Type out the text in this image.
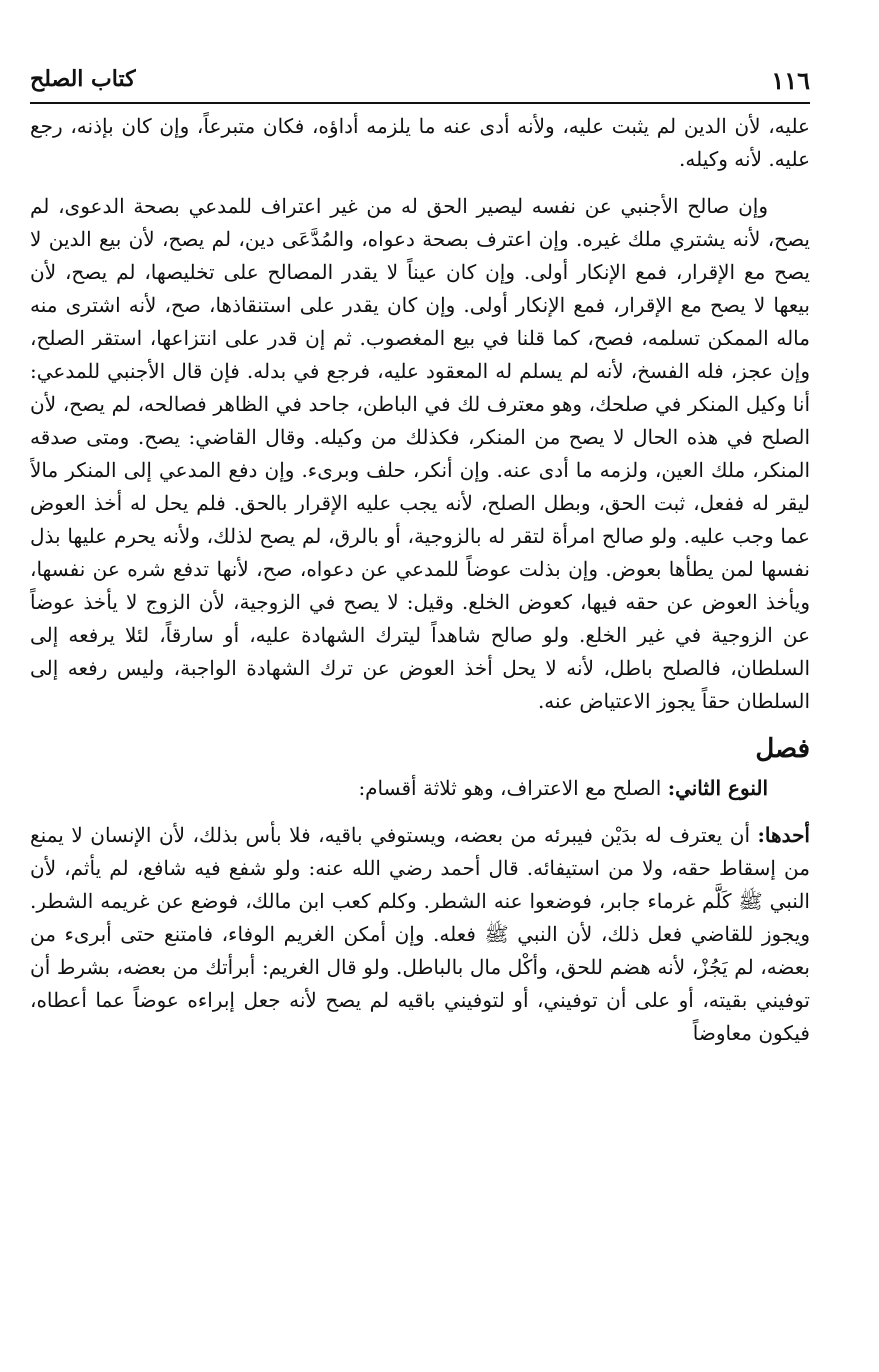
١١٦
كتاب الصلح

عليه، لأن الدين لم يثبت عليه، ولأنه أدى عنه ما يلزمه أداؤه، فكان متبرعاً، وإن كان بإذنه، رجع عليه. لأنه وكيله.

وإن صالح الأجنبي عن نفسه ليصير الحق له من غير اعتراف للمدعي بصحة الدعوى، لم يصح، لأنه يشتري ملك غيره. وإن اعترف بصحة دعواه، والمُدَّعَى دين، لم يصح، لأن بيع الدين لا يصح مع الإقرار، فمع الإنكار أولى. وإن كان عيناً لا يقدر المصالح على تخليصها، لم يصح، لأن بيعها لا يصح مع الإقرار، فمع الإنكار أولى. وإن كان يقدر على استنقاذها، صح، لأنه اشترى منه ماله الممكن تسلمه، فصح، كما قلنا في بيع المغصوب. ثم إن قدر على انتزاعها، استقر الصلح، وإن عجز، فله الفسخ، لأنه لم يسلم له المعقود عليه، فرجع في بدله. فإن قال الأجنبي للمدعي: أنا وكيل المنكر في صلحك، وهو معترف لك في الباطن، جاحد في الظاهر فصالحه، لم يصح، لأن الصلح في هذه الحال لا يصح من المنكر، فكذلك من وكيله. وقال القاضي: يصح. ومتى صدقه المنكر، ملك العين، ولزمه ما أدى عنه. وإن أنكر، حلف وبرىء. وإن دفع المدعي إلى المنكر مالاً ليقر له ففعل، ثبت الحق، وبطل الصلح، لأنه يجب عليه الإقرار بالحق. فلم يحل له أخذ العوض عما وجب عليه. ولو صالح امرأة لتقر له بالزوجية، أو بالرق، لم يصح لذلك، ولأنه يحرم عليها بذل نفسها لمن يطأها بعوض. وإن بذلت عوضاً للمدعي عن دعواه، صح، لأنها تدفع شره عن نفسها، ويأخذ العوض عن حقه فيها، كعوض الخلع. وقيل: لا يصح في الزوجية، لأن الزوج لا يأخذ عوضاً عن الزوجية في غير الخلع. ولو صالح شاهداً ليترك الشهادة عليه، أو سارقاً، لئلا يرفعه إلى السلطان، فالصلح باطل، لأنه لا يحل أخذ العوض عن ترك الشهادة الواجبة، وليس رفعه إلى السلطان حقاً يجوز الاعتياض عنه.

فصل

النوع الثاني: الصلح مع الاعتراف، وهو ثلاثة أقسام:

أحدها: أن يعترف له بدَيْن فيبرئه من بعضه، ويستوفي باقيه، فلا بأس بذلك، لأن الإنسان لا يمنع من إسقاط حقه، ولا من استيفائه. قال أحمد رضي الله عنه: ولو شفع فيه شافع، لم يأثم، لأن النبي ﷺ كَلَّم غرماء جابر، فوضعوا عنه الشطر. وكلم كعب ابن مالك، فوضع عن غريمه الشطر. ويجوز للقاضي فعل ذلك، لأن النبي ﷺ فعله. وإن أمكن الغريم الوفاء، فامتنع حتى أبرىء من بعضه، لم يَجُزْ، لأنه هضم للحق، وأكْل مال بالباطل. ولو قال الغريم: أبرأتك من بعضه، بشرط أن توفيني بقيته، أو على أن توفيني، أو لتوفيني باقيه لم يصح لأنه جعل إبراءه عوضاً عما أعطاه، فيكون معاوضاً
